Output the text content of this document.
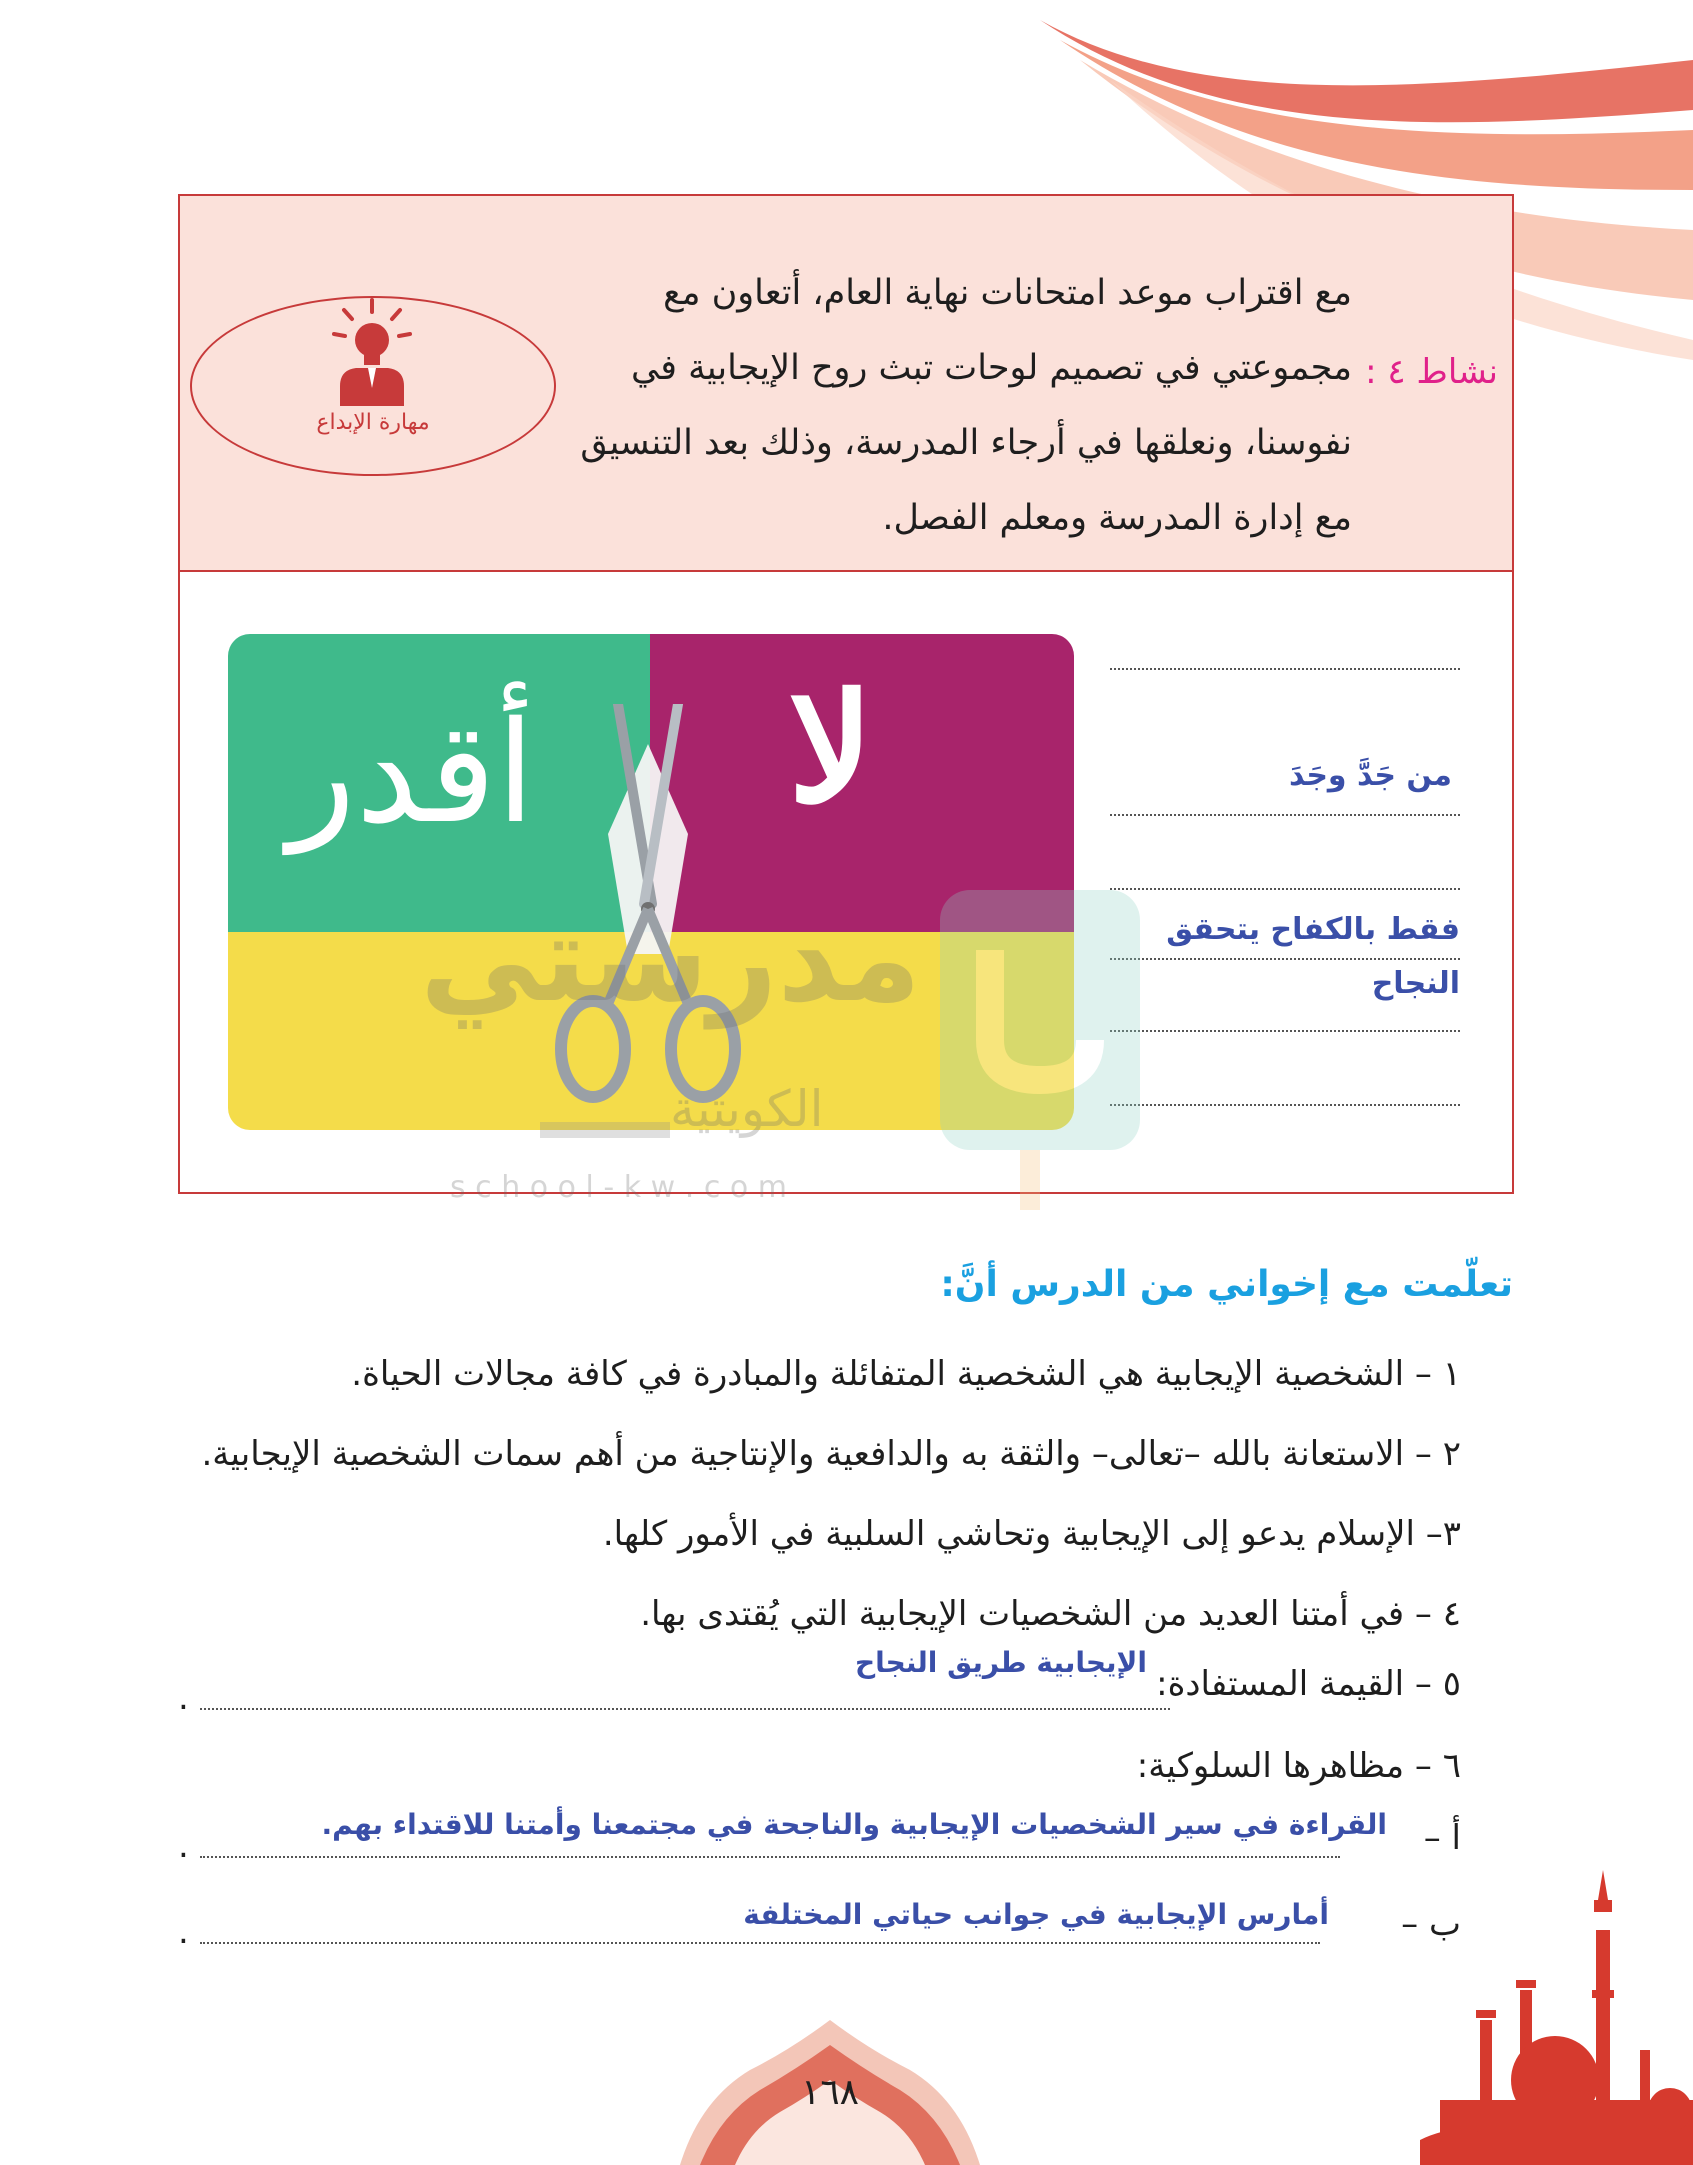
نشاط ٤ :
مع اقتراب موعد امتحانات نهاية العام، أتعاون مع
مجموعتي في تصميم لوحات تبث روح الإيجابية في
نفوسنا، ونعلقها في أرجاء المدرسة، وذلك بعد التنسيق
مع إدارة المدرسة ومعلم الفصل.
مهارة الإبداع
لا
أقدر	من جَدَّ وجَدَ
فقط بالكفاح يتحقق
النجاح
مدرستي
الكويتية
s c h o o l - k w . c o m
تعلّمت مع إخواني من الدرس أنَّ:
١ – الشخصية الإيجابية هي الشخصية المتفائلة والمبادرة في كافة مجالات الحياة.
٢ – الاستعانة بالله –تعالى– والثقة به والدافعية والإنتاجية من أهم سمات الشخصية الإيجابية.
٣– الإسلام يدعو إلى الإيجابية وتحاشي السلبية في الأمور كلها.
٤ – في أمتنا العديد من الشخصيات الإيجابية التي يُقتدى بها.
٥ – القيمة المستفادة:
الإيجابية طريق النجاح
.
٦ – مظاهرها السلوكية:
أ –
القراءة في سير الشخصيات الإيجابية والناجحة في مجتمعنا وأمتنا للاقتداء بهم.
.
ب –
أمارس الإيجابية في جوانب حياتي المختلفة
.
١٦٨
